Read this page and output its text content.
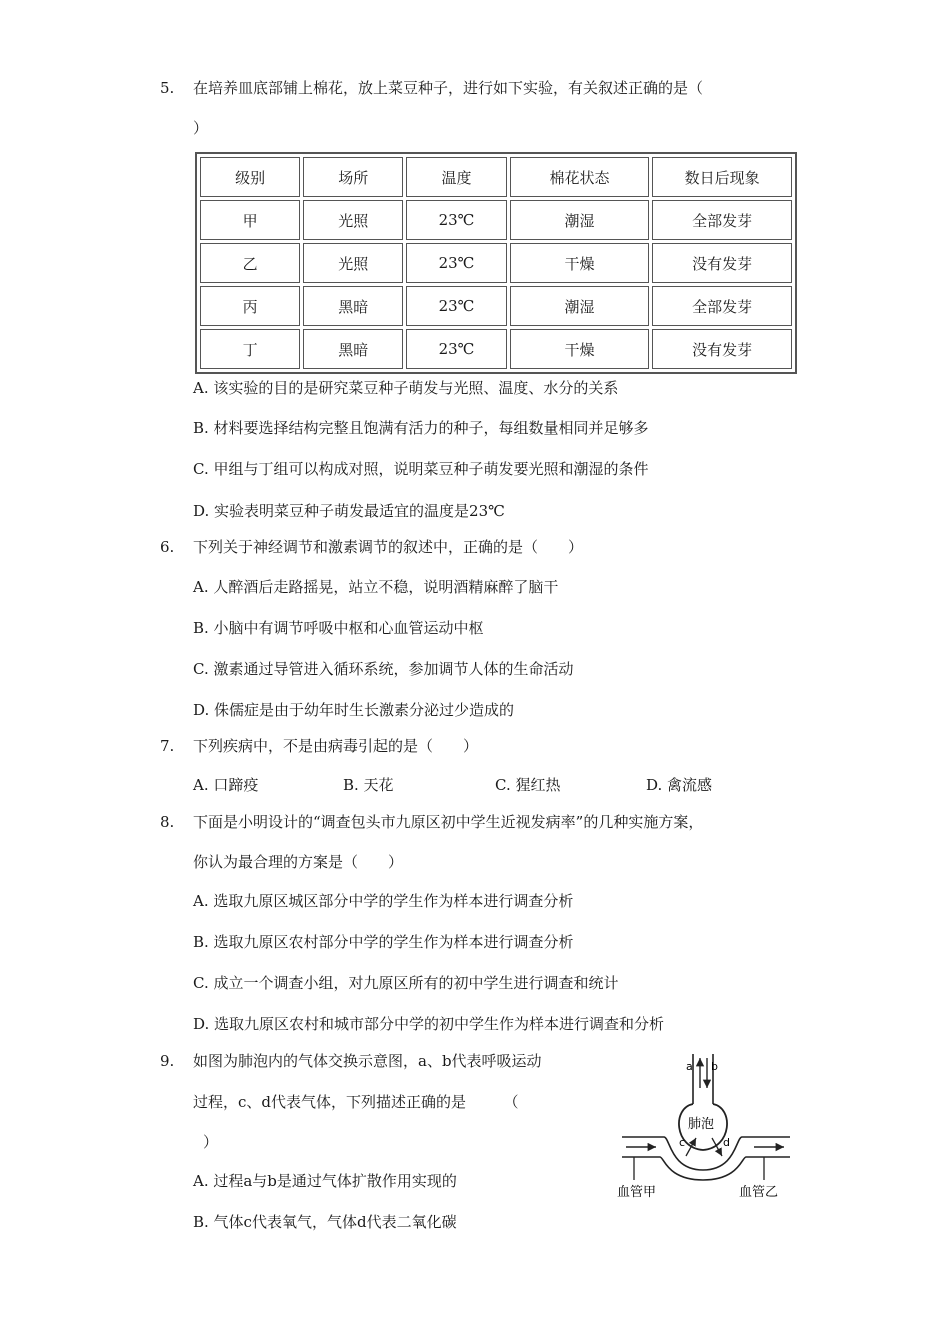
5. 在培养皿底部铺上棉花，放上菜豆种子，进行如下实验，有关叙述正确的是（
）
级别	场所	温度	棉花状态	数日后现象
甲	光照	23℃	潮湿	全部发芽
乙	光照	23℃	干燥	没有发芽
丙	黑暗	23℃	潮湿	全部发芽
丁	黑暗	23℃	干燥	没有发芽
A. 该实验的目的是研究菜豆种子萌发与光照、温度、水分的关系
B. 材料要选择结构完整且饱满有活力的种子，每组数量相同并足够多
C. 甲组与丁组可以构成对照，说明菜豆种子萌发要光照和潮湿的条件
D. 实验表明菜豆种子萌发最适宜的温度是23℃
6. 下列关于神经调节和激素调节的叙述中，正确的是（　　）
A. 人醉酒后走路摇晃，站立不稳，说明酒精麻醉了脑干
B. 小脑中有调节呼吸中枢和心血管运动中枢
C. 激素通过导管进入循环系统，参加调节人体的生命活动
D. 侏儒症是由于幼年时生长激素分泌过少造成的
7. 下列疾病中，不是由病毒引起的是（　　）
A. 口蹄疫	B. 天花	C. 猩红热	D. 禽流感
8. 下面是小明设计的“调查包头市九原区初中学生近视发病率”的几种实施方案，
你认为最合理的方案是（　　）
A. 选取九原区城区部分中学的学生作为样本进行调查分析
B. 选取九原区农村部分中学的学生作为样本进行调查分析
C. 成立一个调查小组，对九原区所有的初中学生进行调查和统计
D. 选取九原区农村和城市部分中学的初中学生作为样本进行调查和分析
9. 如图为肺泡内的气体交换示意图，a、b代表呼吸运动
过程，c、d代表气体，下列描述正确的是　　　（
）
A. 过程a与b是通过气体扩散作用实现的
B. 气体c代表氧气，气体d代表二氧化碳
a b
肺泡
c	d
血管甲	血管乙
